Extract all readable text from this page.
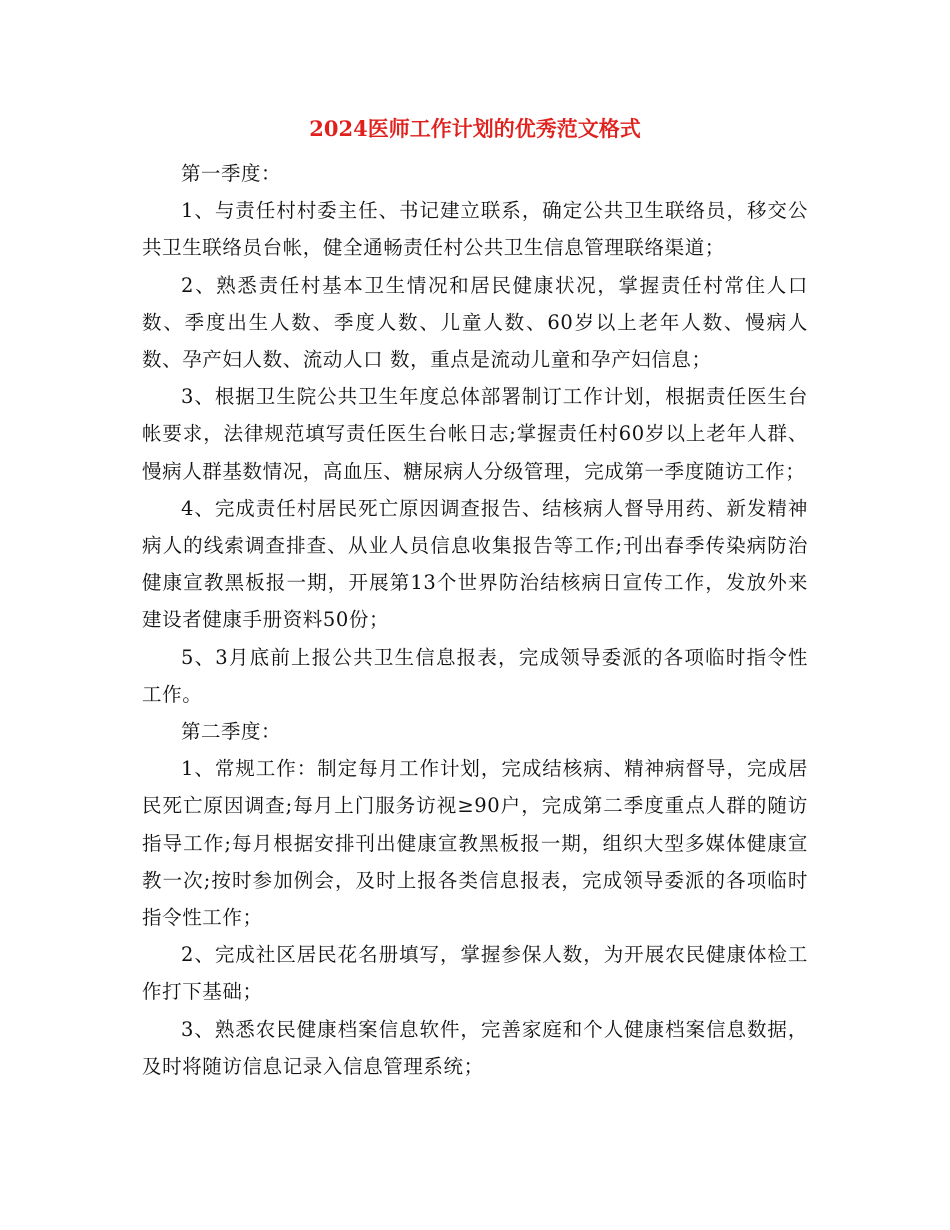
2024医师工作计划的优秀范文格式

第一季度：

1、与责任村村委主任、书记建立联系，确定公共卫生联络员，移交公共卫生联络员台帐，健全通畅责任村公共卫生信息管理联络渠道；

2、熟悉责任村基本卫生情况和居民健康状况，掌握责任村常住人口数、季度出生人数、季度人数、儿童人数、60岁以上老年人数、慢病人数、孕产妇人数、流动人口 数，重点是流动儿童和孕产妇信息；

3、根据卫生院公共卫生年度总体部署制订工作计划，根据责任医生台帐要求，法律规范填写责任医生台帐日志;掌握责任村60岁以上老年人群、慢病人群基数情况，高血压、糖尿病人分级管理，完成第一季度随访工作；

4、完成责任村居民死亡原因调查报告、结核病人督导用药、新发精神病人的线索调查排查、从业人员信息收集报告等工作;刊出春季传染病防治健康宣教黑板报一期，开展第13个世界防治结核病日宣传工作，发放外来建设者健康手册资料50份；

5、3月底前上报公共卫生信息报表，完成领导委派的各项临时指令性工作。

第二季度：

1、常规工作：制定每月工作计划，完成结核病、精神病督导，完成居民死亡原因调查;每月上门服务访视≥90户，完成第二季度重点人群的随访指导工作;每月根据安排刊出健康宣教黑板报一期，组织大型多媒体健康宣教一次;按时参加例会，及时上报各类信息报表，完成领导委派的各项临时指令性工作；

2、完成社区居民花名册填写，掌握参保人数，为开展农民健康体检工作打下基础；

3、熟悉农民健康档案信息软件，完善家庭和个人健康档案信息数据，及时将随访信息记录入信息管理系统；
